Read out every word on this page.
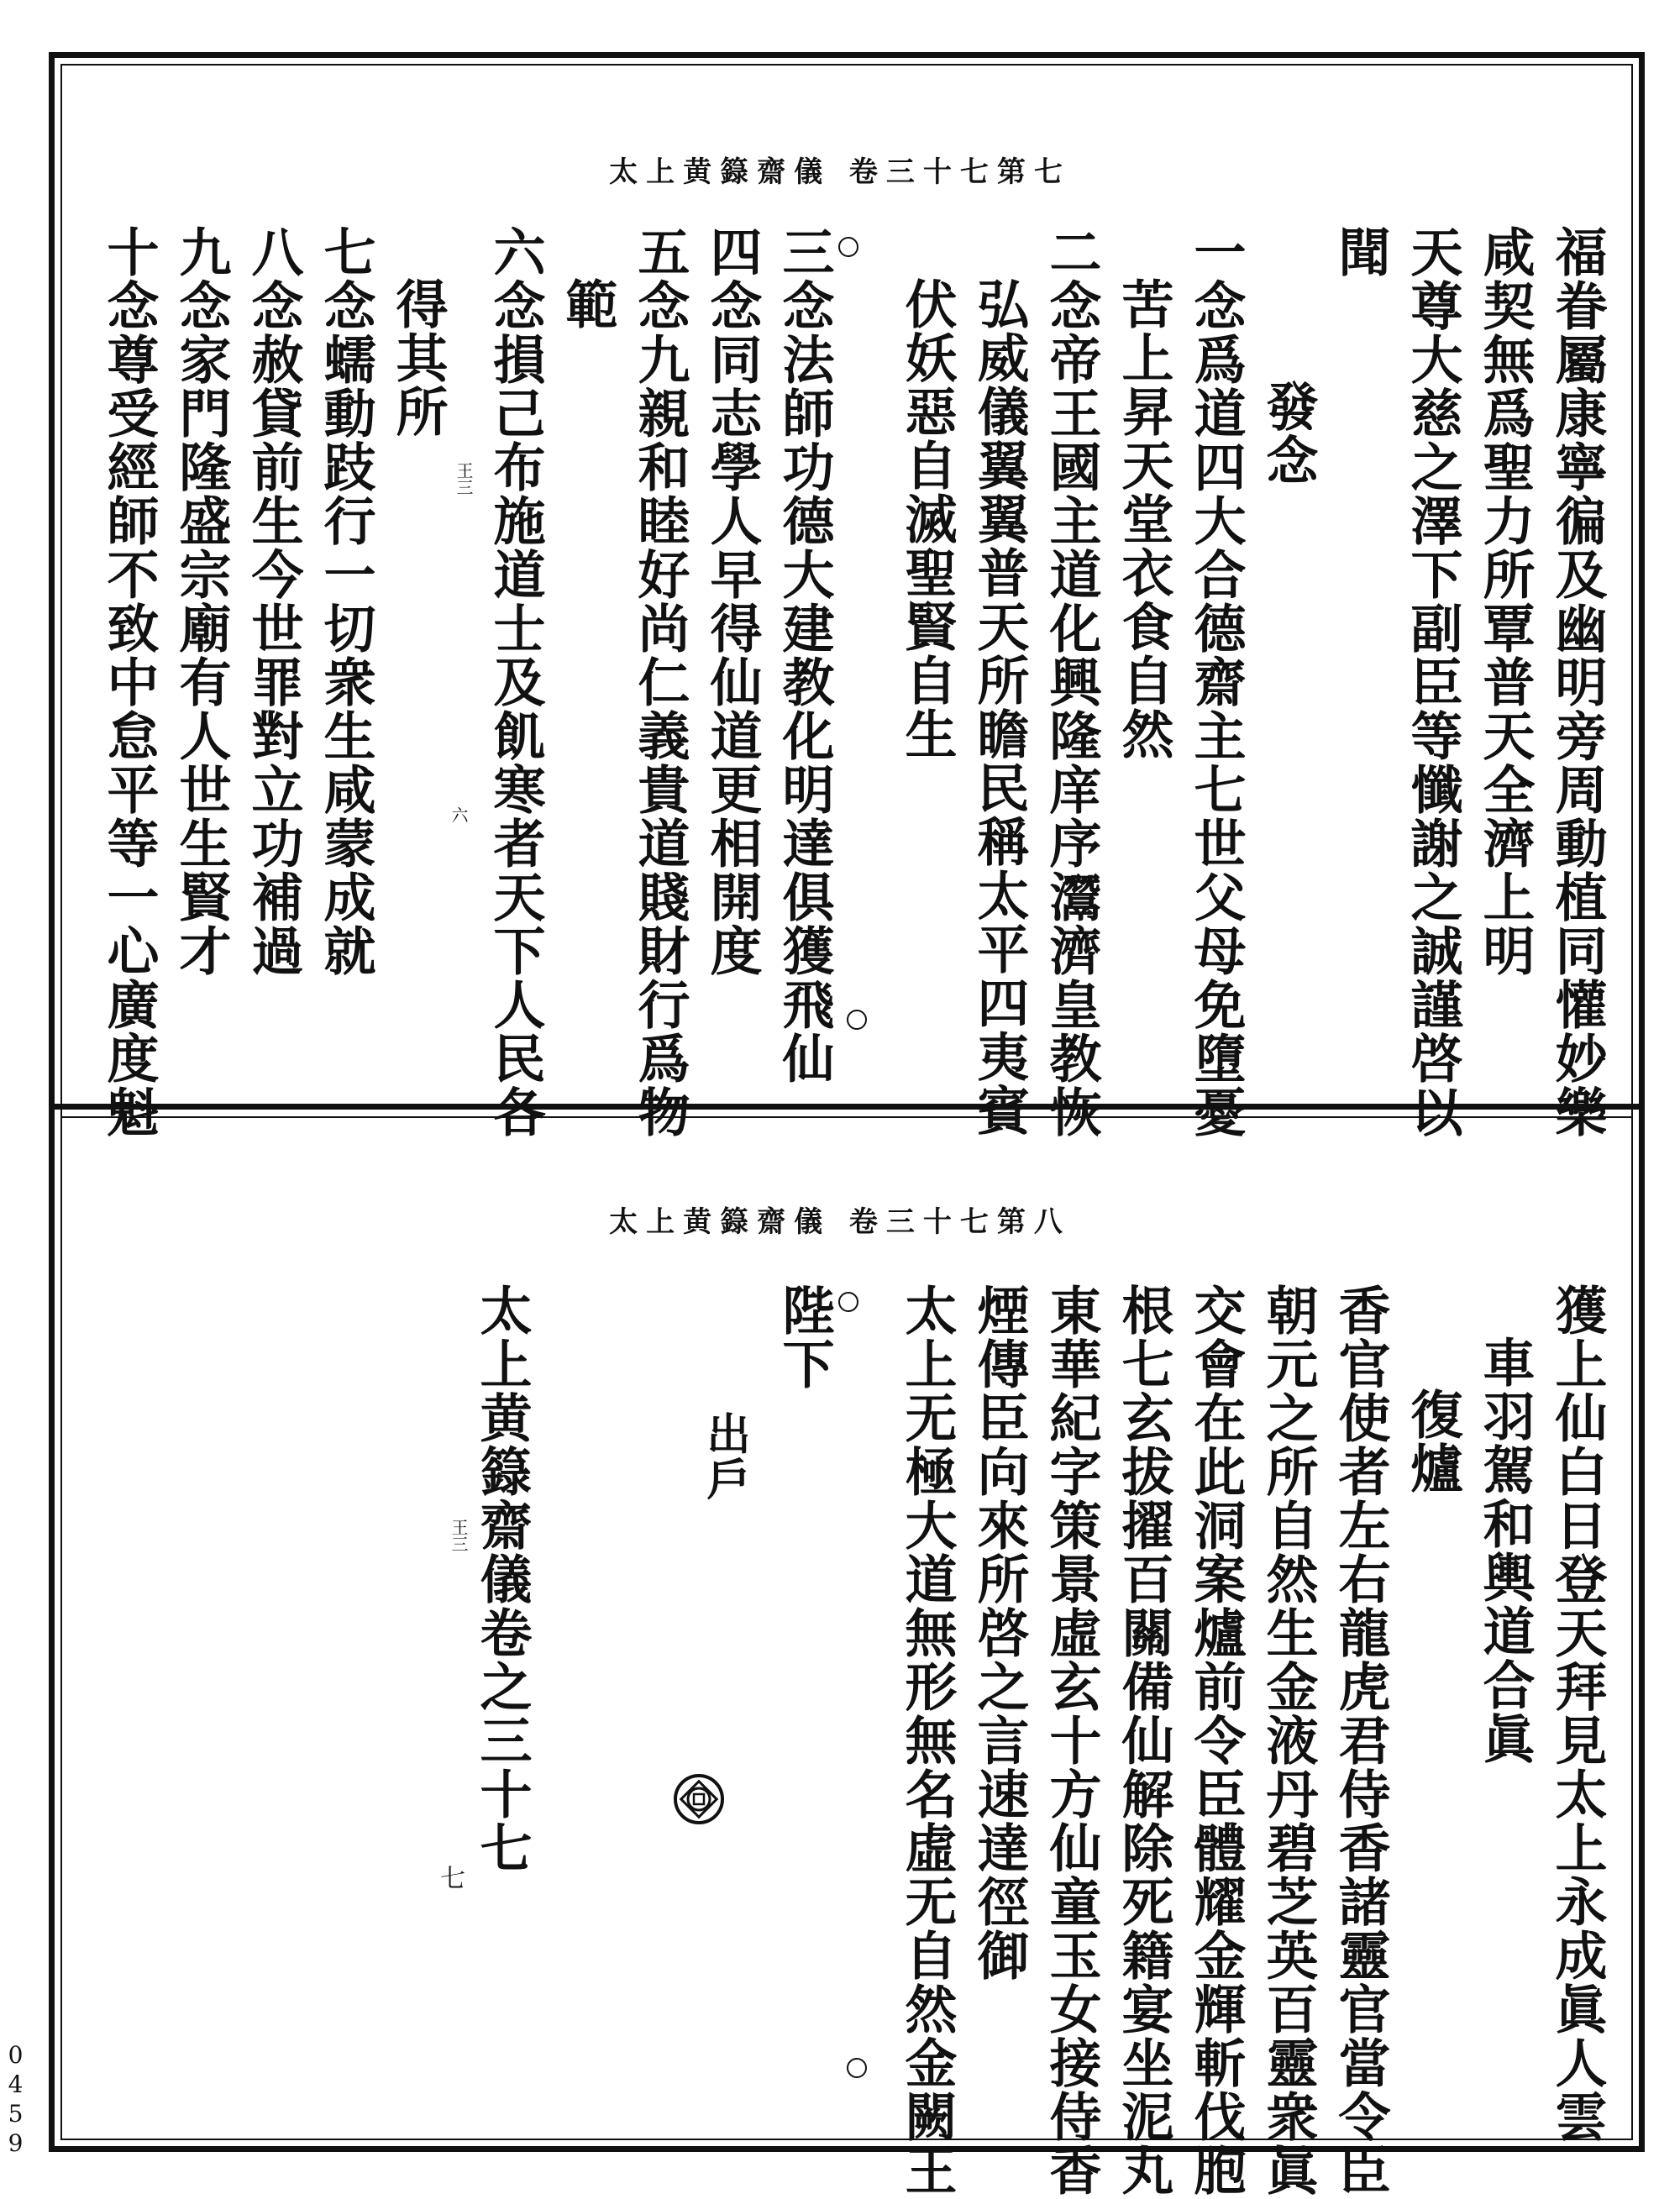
太上黄籙齋儀 卷三十七第七
福眷屬康寧徧及幽明旁周動植同懽妙樂
咸契無爲聖力所覃普天全濟上明
天尊大慈之澤下副臣等懺謝之誠謹啓以
聞
發念
一念爲道四大合德齋主七世父母免墮憂
苦上昇天堂衣食自然
二念帝王國主道化興隆庠序灊濟皇教恢
弘威儀翼翼普天所瞻民稱太平四夷賓
伏妖惡自滅聖賢自生
三念法師功德大建教化明達俱獲飛仙
四念同志學人早得仙道更相開度
五念九親和睦好尚仁義貴道賤財行爲物
範
六念損己布施道士及飢寒者天下人民各
得其所
七念蠕動跂行一切衆生咸蒙成就
八念赦貸前生今世罪對立功補過
九念家門隆盛宗廟有人世生賢才
十念尊受經師不致中怠平等一心廣度魁	王三
六
太上黄籙齋儀 卷三十七第八
獲上仙白日登天拜見太上永成眞人雲
車羽駕和輿道合眞
復爐
香官使者左右龍虎君侍香諸靈官當令臣
朝元之所自然生金液丹碧芝英百靈衆眞
交會在此洞案爐前令臣體耀金輝斬伐胞
根七玄拔擢百關備仙解除死籍宴坐泥丸
東華紀字策景虛玄十方仙童玉女接侍香
煙傳臣向來所啓之言速達徑御
太上无極大道無形無名虛无自然金闕王
陛下
出戶
太上黄籙齋儀卷之三十七
王三
七
0459
